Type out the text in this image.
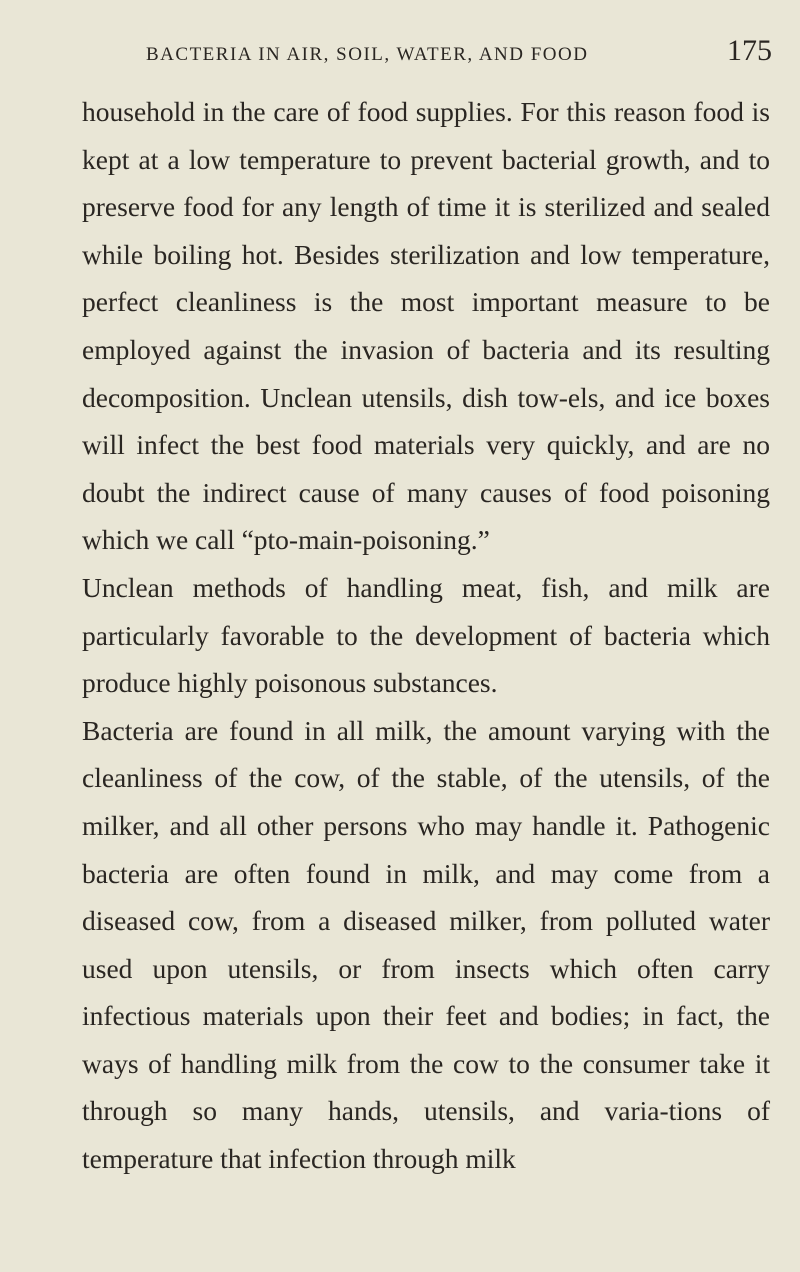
BACTERIA IN AIR, SOIL, WATER, AND FOOD	175

household in the care of food supplies. For this reason food is kept at a low temperature to prevent bacterial growth, and to preserve food for any length of time it is sterilized and sealed while boiling hot. Besides sterilization and low temperature, perfect cleanliness is the most important measure to be employed against the invasion of bacteria and its resulting decomposition. Unclean utensils, dish tow-els, and ice boxes will infect the best food materials very quickly, and are no doubt the indirect cause of many causes of food poisoning which we call “pto-main-poisoning.”

Unclean methods of handling meat, fish, and milk are particularly favorable to the development of bacteria which produce highly poisonous substances.

Bacteria are found in all milk, the amount varying with the cleanliness of the cow, of the stable, of the utensils, of the milker, and all other persons who may handle it. Pathogenic bacteria are often found in milk, and may come from a diseased cow, from a diseased milker, from polluted water used upon utensils, or from insects which often carry infectious materials upon their feet and bodies; in fact, the ways of handling milk from the cow to the consumer take it through so many hands, utensils, and varia-tions of temperature that infection through milk
